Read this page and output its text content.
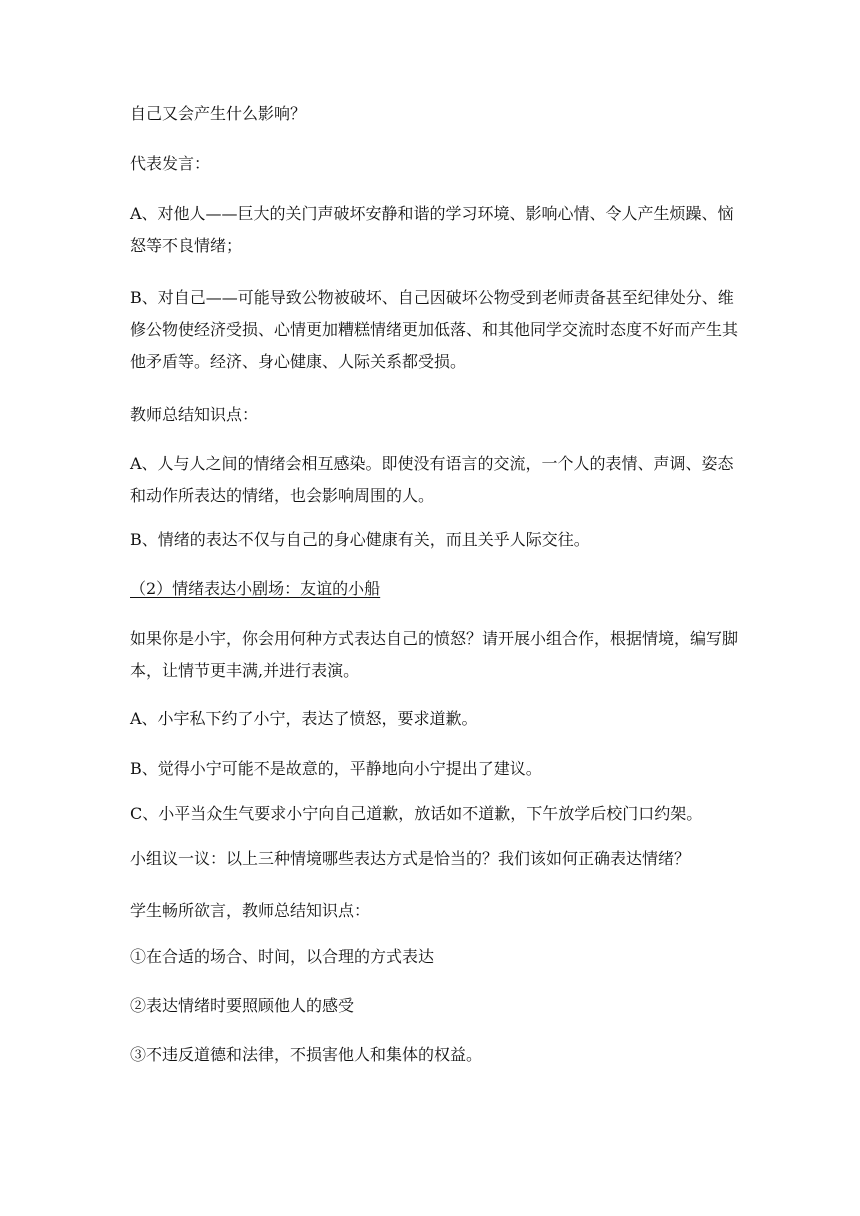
自己又会产生什么影响？
代表发言：
A、对他人——巨大的关门声破坏安静和谐的学习环境、影响心情、令人产生烦躁、恼怒等不良情绪；
B、对自己——可能导致公物被破坏、自己因破坏公物受到老师责备甚至纪律处分、维修公物使经济受损、心情更加糟糕情绪更加低落、和其他同学交流时态度不好而产生其他矛盾等。经济、身心健康、人际关系都受损。
教师总结知识点：
A、人与人之间的情绪会相互感染。即使没有语言的交流，一个人的表情、声调、姿态和动作所表达的情绪，也会影响周围的人。
B、情绪的表达不仅与自己的身心健康有关，而且关乎人际交往。
（2）情绪表达小剧场：友谊的小船
如果你是小宇，你会用何种方式表达自己的愤怒？请开展小组合作，根据情境，编写脚本，让情节更丰满,并进行表演。
A、小宇私下约了小宁，表达了愤怒，要求道歉。
B、觉得小宁可能不是故意的，平静地向小宁提出了建议。
C、小平当众生气要求小宁向自己道歉，放话如不道歉，下午放学后校门口约架。
小组议一议：以上三种情境哪些表达方式是恰当的？我们该如何正确表达情绪？
学生畅所欲言，教师总结知识点：
①在合适的场合、时间，以合理的方式表达
②表达情绪时要照顾他人的感受
③不违反道德和法律，不损害他人和集体的权益。
